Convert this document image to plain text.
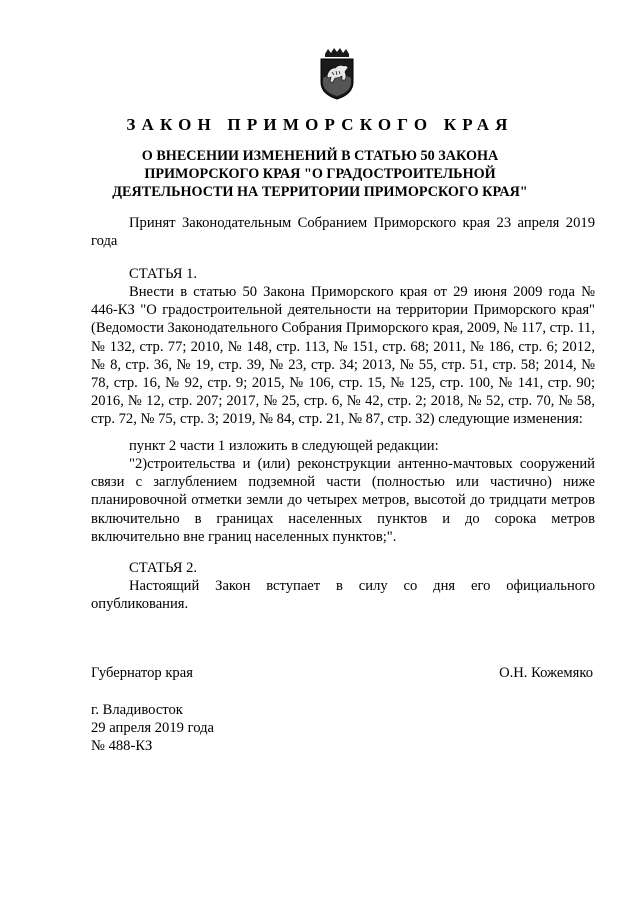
ЗАКОН ПРИМОРСКОГО КРАЯ
О ВНЕСЕНИИ ИЗМЕНЕНИЙ В СТАТЬЮ 50 ЗАКОНА
ПРИМОРСКОГО КРАЯ "О ГРАДОСТРОИТЕЛЬНОЙ
ДЕЯТЕЛЬНОСТИ НА ТЕРРИТОРИИ ПРИМОРСКОГО КРАЯ"
Принят Законодательным Собранием Приморского края 23 апреля 2019 года
СТАТЬЯ 1.
Внести в статью 50 Закона Приморского края от 29 июня 2009 года № 446-КЗ "О градостроительной деятельности на территории Приморского края" (Ведомости Законодательного Собрания Приморского края, 2009, № 117, стр. 11, № 132, стр. 77; 2010, № 148, стр. 113, № 151, стр. 68; 2011, № 186, стр. 6; 2012, № 8, стр. 36, № 19, стр. 39, № 23, стр. 34; 2013, № 55, стр. 51, стр. 58; 2014, № 78, стр. 16, № 92, стр. 9; 2015, № 106, стр. 15, № 125, стр. 100, № 141, стр. 90; 2016, № 12, стр. 207; 2017, № 25, стр. 6, № 42, стр. 2; 2018, № 52, стр. 70, № 58, стр. 72, № 75, стр. 3; 2019, № 84, стр. 21, № 87, стр. 32) следующие изменения:
пункт 2 части 1 изложить в следующей редакции:
"2)строительства и (или) реконструкции антенно-мачтовых сооружений связи с заглублением подземной части (полностью или частично) ниже планировочной отметки земли до четырех метров, высотой до тридцати метров включительно в границах населенных пунктов и до сорока метров включительно вне границ населенных пунктов;".
СТАТЬЯ 2.
Настоящий Закон вступает в силу со дня его официального опубликования.
Губернатор края	О.Н. Кожемяко
г. Владивосток
29 апреля 2019 года
№ 488-КЗ
